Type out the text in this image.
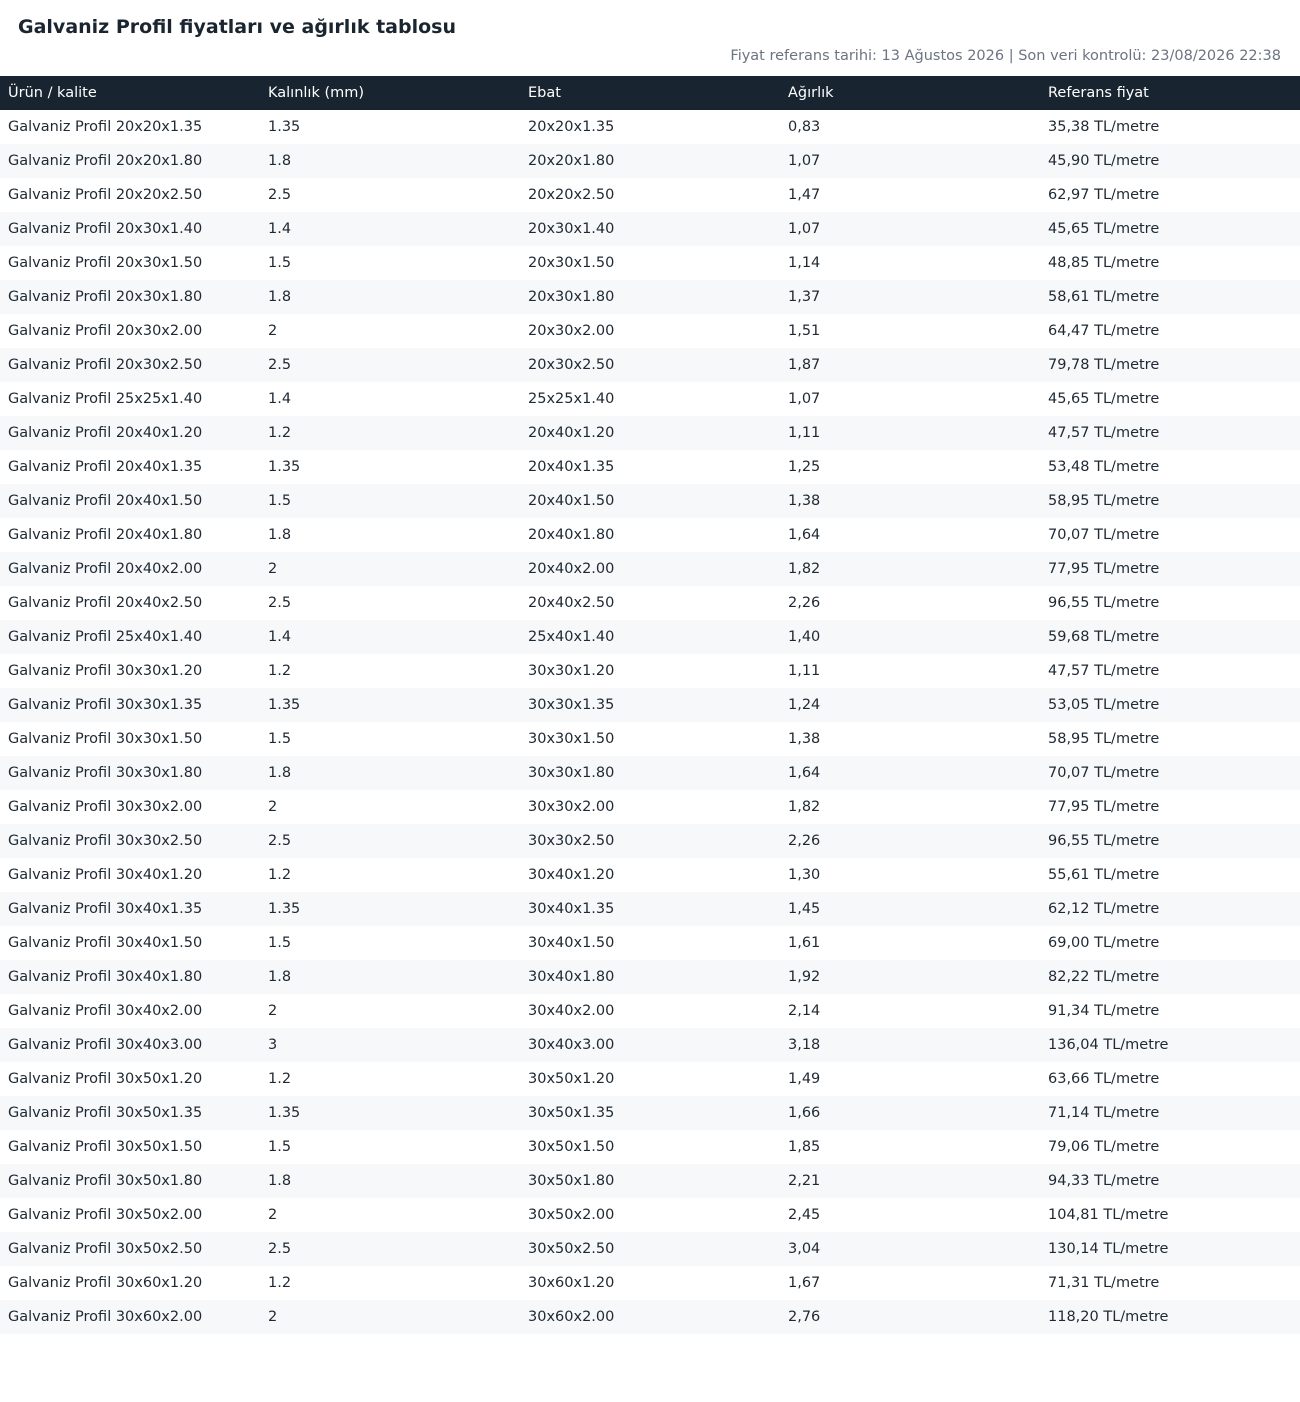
Galvaniz Profil fiyatları ve ağırlık tablosu
Fiyat referans tarihi: 13 Ağustos 2026 | Son veri kontrolü: 23/08/2026 22:38
Ürün / kalite	Kalınlık (mm)	Ebat	Ağırlık	Referans fiyat
Galvaniz Profil 20x20x1.35	1.35	20x20x1.35	0,83	35,38 TL/metre
Galvaniz Profil 20x20x1.80	1.8	20x20x1.80	1,07	45,90 TL/metre
Galvaniz Profil 20x20x2.50	2.5	20x20x2.50	1,47	62,97 TL/metre
Galvaniz Profil 20x30x1.40	1.4	20x30x1.40	1,07	45,65 TL/metre
Galvaniz Profil 20x30x1.50	1.5	20x30x1.50	1,14	48,85 TL/metre
Galvaniz Profil 20x30x1.80	1.8	20x30x1.80	1,37	58,61 TL/metre
Galvaniz Profil 20x30x2.00	2	20x30x2.00	1,51	64,47 TL/metre
Galvaniz Profil 20x30x2.50	2.5	20x30x2.50	1,87	79,78 TL/metre
Galvaniz Profil 25x25x1.40	1.4	25x25x1.40	1,07	45,65 TL/metre
Galvaniz Profil 20x40x1.20	1.2	20x40x1.20	1,11	47,57 TL/metre
Galvaniz Profil 20x40x1.35	1.35	20x40x1.35	1,25	53,48 TL/metre
Galvaniz Profil 20x40x1.50	1.5	20x40x1.50	1,38	58,95 TL/metre
Galvaniz Profil 20x40x1.80	1.8	20x40x1.80	1,64	70,07 TL/metre
Galvaniz Profil 20x40x2.00	2	20x40x2.00	1,82	77,95 TL/metre
Galvaniz Profil 20x40x2.50	2.5	20x40x2.50	2,26	96,55 TL/metre
Galvaniz Profil 25x40x1.40	1.4	25x40x1.40	1,40	59,68 TL/metre
Galvaniz Profil 30x30x1.20	1.2	30x30x1.20	1,11	47,57 TL/metre
Galvaniz Profil 30x30x1.35	1.35	30x30x1.35	1,24	53,05 TL/metre
Galvaniz Profil 30x30x1.50	1.5	30x30x1.50	1,38	58,95 TL/metre
Galvaniz Profil 30x30x1.80	1.8	30x30x1.80	1,64	70,07 TL/metre
Galvaniz Profil 30x30x2.00	2	30x30x2.00	1,82	77,95 TL/metre
Galvaniz Profil 30x30x2.50	2.5	30x30x2.50	2,26	96,55 TL/metre
Galvaniz Profil 30x40x1.20	1.2	30x40x1.20	1,30	55,61 TL/metre
Galvaniz Profil 30x40x1.35	1.35	30x40x1.35	1,45	62,12 TL/metre
Galvaniz Profil 30x40x1.50	1.5	30x40x1.50	1,61	69,00 TL/metre
Galvaniz Profil 30x40x1.80	1.8	30x40x1.80	1,92	82,22 TL/metre
Galvaniz Profil 30x40x2.00	2	30x40x2.00	2,14	91,34 TL/metre
Galvaniz Profil 30x40x3.00	3	30x40x3.00	3,18	136,04 TL/metre
Galvaniz Profil 30x50x1.20	1.2	30x50x1.20	1,49	63,66 TL/metre
Galvaniz Profil 30x50x1.35	1.35	30x50x1.35	1,66	71,14 TL/metre
Galvaniz Profil 30x50x1.50	1.5	30x50x1.50	1,85	79,06 TL/metre
Galvaniz Profil 30x50x1.80	1.8	30x50x1.80	2,21	94,33 TL/metre
Galvaniz Profil 30x50x2.00	2	30x50x2.00	2,45	104,81 TL/metre
Galvaniz Profil 30x50x2.50	2.5	30x50x2.50	3,04	130,14 TL/metre
Galvaniz Profil 30x60x1.20	1.2	30x60x1.20	1,67	71,31 TL/metre
Galvaniz Profil 30x60x2.00	2	30x60x2.00	2,76	118,20 TL/metre
